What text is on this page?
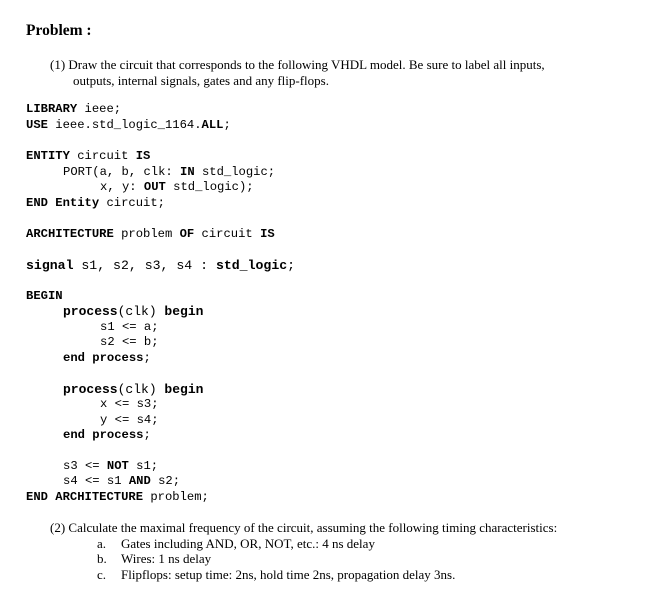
Problem :
(1) Draw the circuit that corresponds to the following VHDL model. Be sure to label all inputs,
outputs, internal signals, gates and any flip-flops.
LIBRARY ieee;
USE ieee.std_logic_1164.ALL;
ENTITY circuit IS
PORT(a, b, clk: IN std_logic;
x, y: OUT std_logic);
END Entity circuit;
ARCHITECTURE problem OF circuit IS
signal s1, s2, s3, s4 : std_logic;
BEGIN
process(clk) begin
s1 <= a;
s2 <= b;
end process;
process(clk) begin
x <= s3;
y <= s4;
end process;
s3 <= NOT s1;
s4 <= s1 AND s2;
END ARCHITECTURE problem;
(2) Calculate the maximal frequency of the circuit, assuming the following timing characteristics:
a. Gates including AND, OR, NOT, etc.: 4 ns delay
b. Wires: 1 ns delay
c. Flipflops: setup time: 2ns, hold time 2ns, propagation delay 3ns.
